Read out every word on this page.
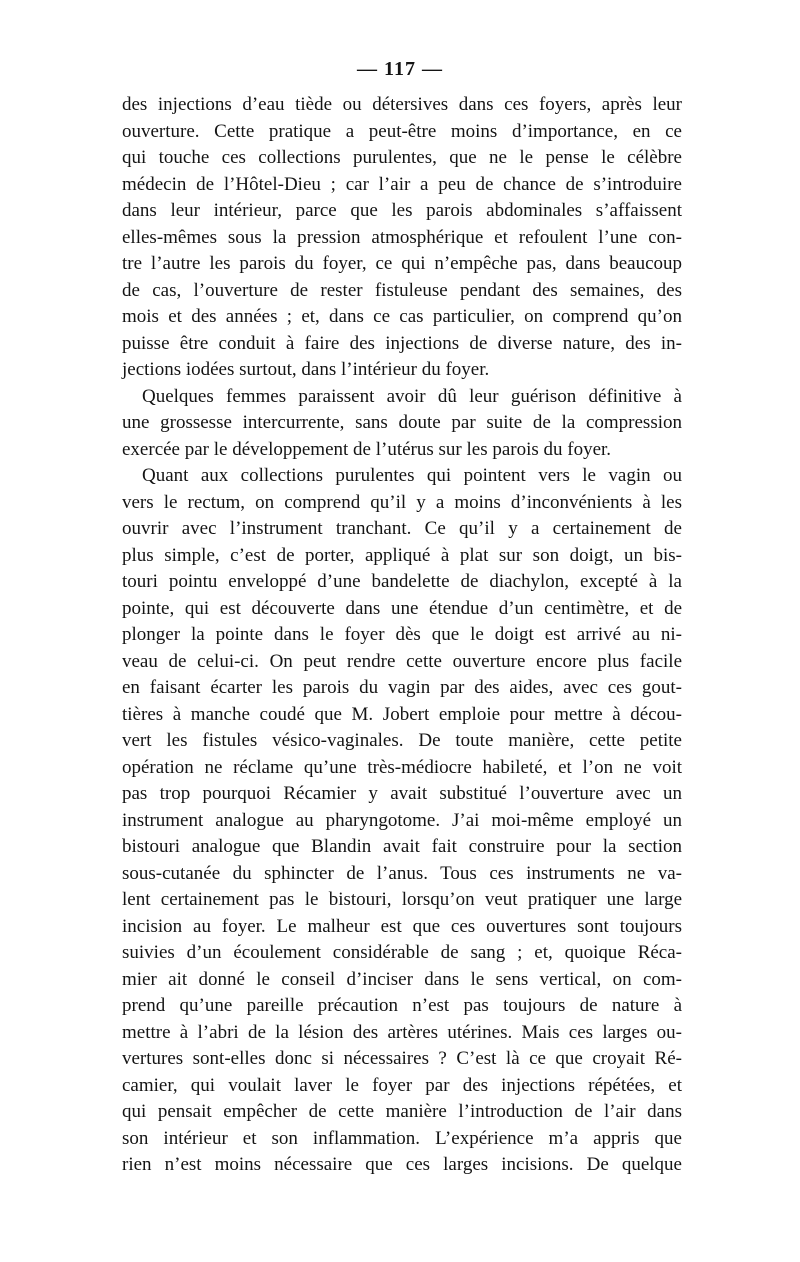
— 117 —
des injections d’eau tiède ou détersives dans ces foyers, après leur
ouverture. Cette pratique a peut-être moins d’importance, en ce
qui touche ces collections purulentes, que ne le pense le célèbre
médecin de l’Hôtel-Dieu ; car l’air a peu de chance de s’introduire
dans leur intérieur, parce que les parois abdominales s’affaissent
elles-mêmes sous la pression atmosphérique et refoulent l’une con-
tre l’autre les parois du foyer, ce qui n’empêche pas, dans beaucoup
de cas, l’ouverture de rester fistuleuse pendant des semaines, des
mois et des années ; et, dans ce cas particulier, on comprend qu’on
puisse être conduit à faire des injections de diverse nature, des in-
jections iodées surtout, dans l’intérieur du foyer.
Quelques femmes paraissent avoir dû leur guérison définitive à
une grossesse intercurrente, sans doute par suite de la compression
exercée par le développement de l’utérus sur les parois du foyer.
Quant aux collections purulentes qui pointent vers le vagin ou
vers le rectum, on comprend qu’il y a moins d’inconvénients à les
ouvrir avec l’instrument tranchant. Ce qu’il y a certainement de
plus simple, c’est de porter, appliqué à plat sur son doigt, un bis-
touri pointu enveloppé d’une bandelette de diachylon, excepté à la
pointe, qui est découverte dans une étendue d’un centimètre, et de
plonger la pointe dans le foyer dès que le doigt est arrivé au ni-
veau de celui-ci. On peut rendre cette ouverture encore plus facile
en faisant écarter les parois du vagin par des aides, avec ces gout-
tières à manche coudé que M. Jobert emploie pour mettre à décou-
vert les fistules vésico-vaginales. De toute manière, cette petite
opération ne réclame qu’une très-médiocre habileté, et l’on ne voit
pas trop pourquoi Récamier y avait substitué l’ouverture avec un
instrument analogue au pharyngotome. J’ai moi-même employé un
bistouri analogue que Blandin avait fait construire pour la section
sous-cutanée du sphincter de l’anus. Tous ces instruments ne va-
lent certainement pas le bistouri, lorsqu’on veut pratiquer une large
incision au foyer. Le malheur est que ces ouvertures sont toujours
suivies d’un écoulement considérable de sang ; et, quoique Réca-
mier ait donné le conseil d’inciser dans le sens vertical, on com-
prend qu’une pareille précaution n’est pas toujours de nature à
mettre à l’abri de la lésion des artères utérines. Mais ces larges ou-
vertures sont-elles donc si nécessaires ? C’est là ce que croyait Ré-
camier, qui voulait laver le foyer par des injections répétées, et
qui pensait empêcher de cette manière l’introduction de l’air dans
son intérieur et son inflammation. L’expérience m’a appris que
rien n’est moins nécessaire que ces larges incisions. De quelque
